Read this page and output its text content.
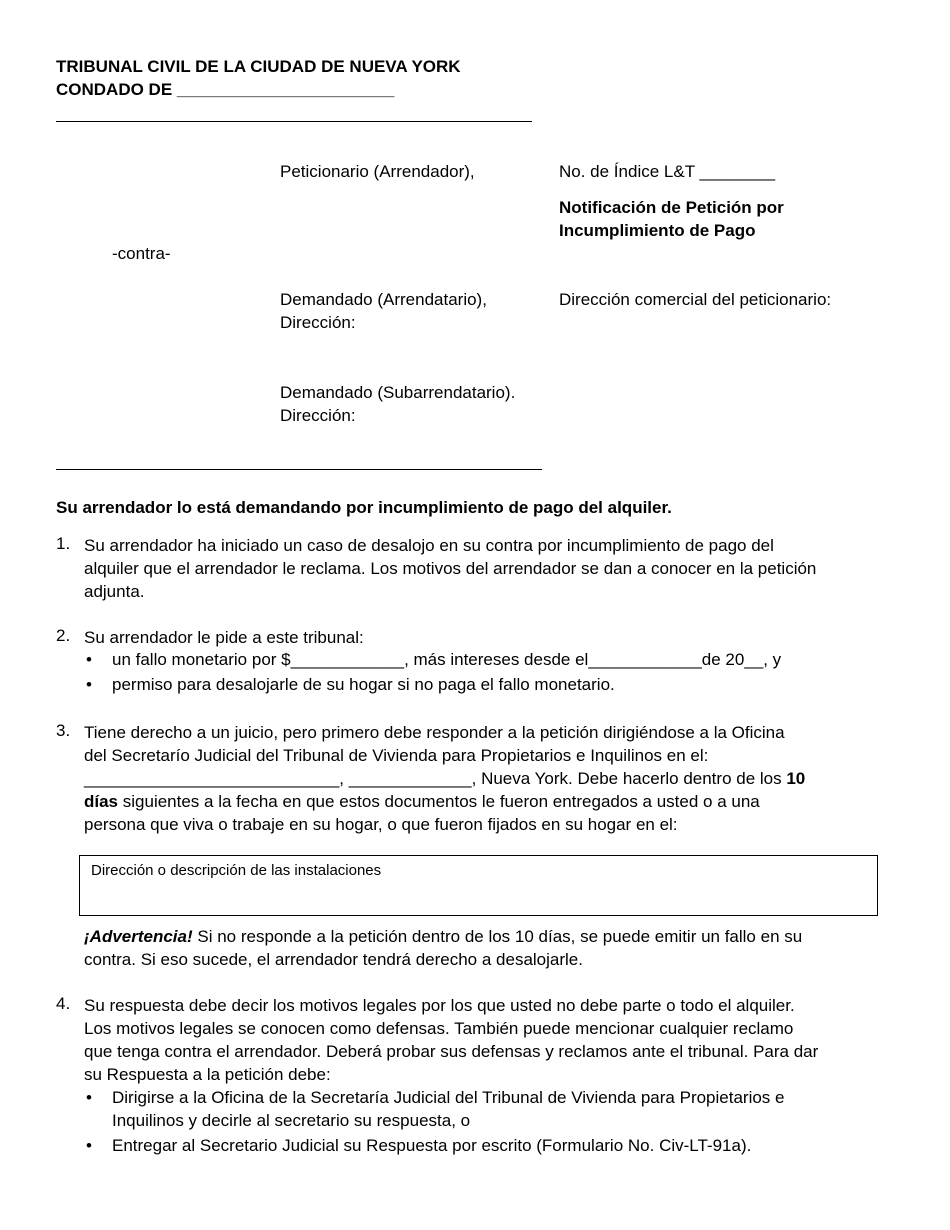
TRIBUNAL CIVIL DE LA CIUDAD DE NUEVA YORK
CONDADO DE _______________________
Peticionario (Arrendador),	No. de Índice L&T ________
Notificación de Petición por
Incumplimiento de Pago
-contra-
Demandado (Arrendatario),
Dirección:
Dirección comercial del peticionario:
Demandado (Subarrendatario).
Dirección:
Su arrendador lo está demandando por incumplimiento de pago del alquiler.
1. Su arrendador ha iniciado un caso de desalojo en su contra por incumplimiento de pago del
alquiler que el arrendador le reclama. Los motivos del arrendador se dan a conocer en la petición
adjunta.
2. Su arrendador le pide a este tribunal:
• un fallo monetario por $____________, más intereses desde el____________de 20__, y
• permiso para desalojarle de su hogar si no paga el fallo monetario.
3. Tiene derecho a un juicio, pero primero debe responder a la petición dirigiéndose a la Oficina
del Secretarío Judicial del Tribunal de Vivienda para Propietarios e Inquilinos en el:
___________________________, _____________, Nueva York. Debe hacerlo dentro de los 10
días siguientes a la fecha en que estos documentos le fueron entregados a usted o a una
persona que viva o trabaje en su hogar, o que fueron fijados en su hogar en el:
Dirección o descripción de las instalaciones
¡Advertencia! Si no responde a la petición dentro de los 10 días, se puede emitir un fallo en su
contra. Si eso sucede, el arrendador tendrá derecho a desalojarle.
4. Su respuesta debe decir los motivos legales por los que usted no debe parte o todo el alquiler.
Los motivos legales se conocen como defensas. También puede mencionar cualquier reclamo
que tenga contra el arrendador. Deberá probar sus defensas y reclamos ante el tribunal. Para dar
su Respuesta a la petición debe:
• Dirigirse a la Oficina de la Secretaría Judicial del Tribunal de Vivienda para Propietarios e
Inquilinos y decirle al secretario su respuesta, o
• Entregar al Secretario Judicial su Respuesta por escrito (Formulario No. Civ-LT-91a).
